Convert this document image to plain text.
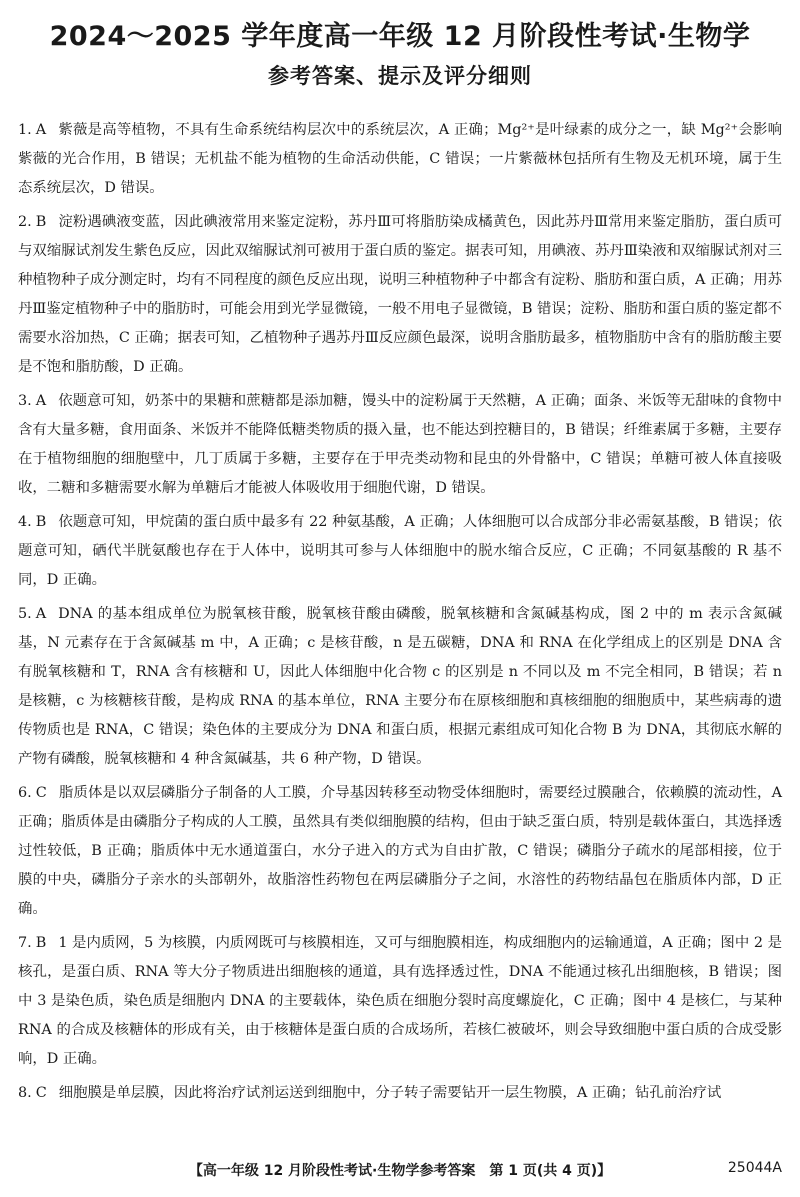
2024～2025 学年度高一年级 12 月阶段性考试·生物学
参考答案、提示及评分细则
1. A 紫薇是高等植物，不具有生命系统结构层次中的系统层次，A 正确；Mg²⁺是叶绿素的成分之一，缺 Mg²⁺会影响紫薇的光合作用，B 错误；无机盐不能为植物的生命活动供能，C 错误；一片紫薇林包括所有生物及无机环境，属于生态系统层次，D 错误。

2. B 淀粉遇碘液变蓝，因此碘液常用来鉴定淀粉，苏丹Ⅲ可将脂肪染成橘黄色，因此苏丹Ⅲ常用来鉴定脂肪，蛋白质可与双缩脲试剂发生紫色反应，因此双缩脲试剂可被用于蛋白质的鉴定。据表可知，用碘液、苏丹Ⅲ染液和双缩脲试剂对三种植物种子成分测定时，均有不同程度的颜色反应出现，说明三种植物种子中都含有淀粉、脂肪和蛋白质，A 正确；用苏丹Ⅲ鉴定植物种子中的脂肪时，可能会用到光学显微镜，一般不用电子显微镜，B 错误；淀粉、脂肪和蛋白质的鉴定都不需要水浴加热，C 正确；据表可知，乙植物种子遇苏丹Ⅲ反应颜色最深，说明含脂肪最多，植物脂肪中含有的脂肪酸主要是不饱和脂肪酸，D 正确。

3. A 依题意可知，奶茶中的果糖和蔗糖都是添加糖，馒头中的淀粉属于天然糖，A 正确；面条、米饭等无甜味的食物中含有大量多糖，食用面条、米饭并不能降低糖类物质的摄入量，也不能达到控糖目的，B 错误；纤维素属于多糖，主要存在于植物细胞的细胞壁中，几丁质属于多糖，主要存在于甲壳类动物和昆虫的外骨骼中，C 错误；单糖可被人体直接吸收，二糖和多糖需要水解为单糖后才能被人体吸收用于细胞代谢，D 错误。

4. B 依题意可知，甲烷菌的蛋白质中最多有 22 种氨基酸，A 正确；人体细胞可以合成部分非必需氨基酸，B 错误；依题意可知，硒代半胱氨酸也存在于人体中，说明其可参与人体细胞中的脱水缩合反应，C 正确；不同氨基酸的 R 基不同，D 正确。

5. A DNA 的基本组成单位为脱氧核苷酸，脱氧核苷酸由磷酸，脱氧核糖和含氮碱基构成，图 2 中的 m 表示含氮碱基，N 元素存在于含氮碱基 m 中，A 正确；c 是核苷酸，n 是五碳糖，DNA 和 RNA 在化学组成上的区别是 DNA 含有脱氧核糖和 T，RNA 含有核糖和 U，因此人体细胞中化合物 c 的区别是 n 不同以及 m 不完全相同，B 错误；若 n 是核糖，c 为核糖核苷酸，是构成 RNA 的基本单位，RNA 主要分布在原核细胞和真核细胞的细胞质中，某些病毒的遗传物质也是 RNA，C 错误；染色体的主要成分为 DNA 和蛋白质，根据元素组成可知化合物 B 为 DNA，其彻底水解的产物有磷酸，脱氧核糖和 4 种含氮碱基，共 6 种产物，D 错误。

6. C 脂质体是以双层磷脂分子制备的人工膜，介导基因转移至动物受体细胞时，需要经过膜融合，依赖膜的流动性，A 正确；脂质体是由磷脂分子构成的人工膜，虽然具有类似细胞膜的结构，但由于缺乏蛋白质，特别是载体蛋白，其选择透过性较低，B 正确；脂质体中无水通道蛋白，水分子进入的方式为自由扩散，C 错误；磷脂分子疏水的尾部相接，位于膜的中央，磷脂分子亲水的头部朝外，故脂溶性药物包在两层磷脂分子之间，水溶性的药物结晶包在脂质体内部，D 正确。

7. B 1 是内质网，5 为核膜，内质网既可与核膜相连，又可与细胞膜相连，构成细胞内的运输通道，A 正确；图中 2 是核孔，是蛋白质、RNA 等大分子物质进出细胞核的通道，具有选择透过性，DNA 不能通过核孔出细胞核，B 错误；图中 3 是染色质，染色质是细胞内 DNA 的主要载体，染色质在细胞分裂时高度螺旋化，C 正确；图中 4 是核仁，与某种 RNA 的合成及核糖体的形成有关，由于核糖体是蛋白质的合成场所，若核仁被破坏，则会导致细胞中蛋白质的合成受影响，D 正确。

8. C 细胞膜是单层膜，因此将治疗试剂运送到细胞中，分子转子需要钻开一层生物膜，A 正确；钻孔前治疗试

【高一年级 12 月阶段性考试·生物学参考答案　第 1 页(共 4 页)】	25044A
